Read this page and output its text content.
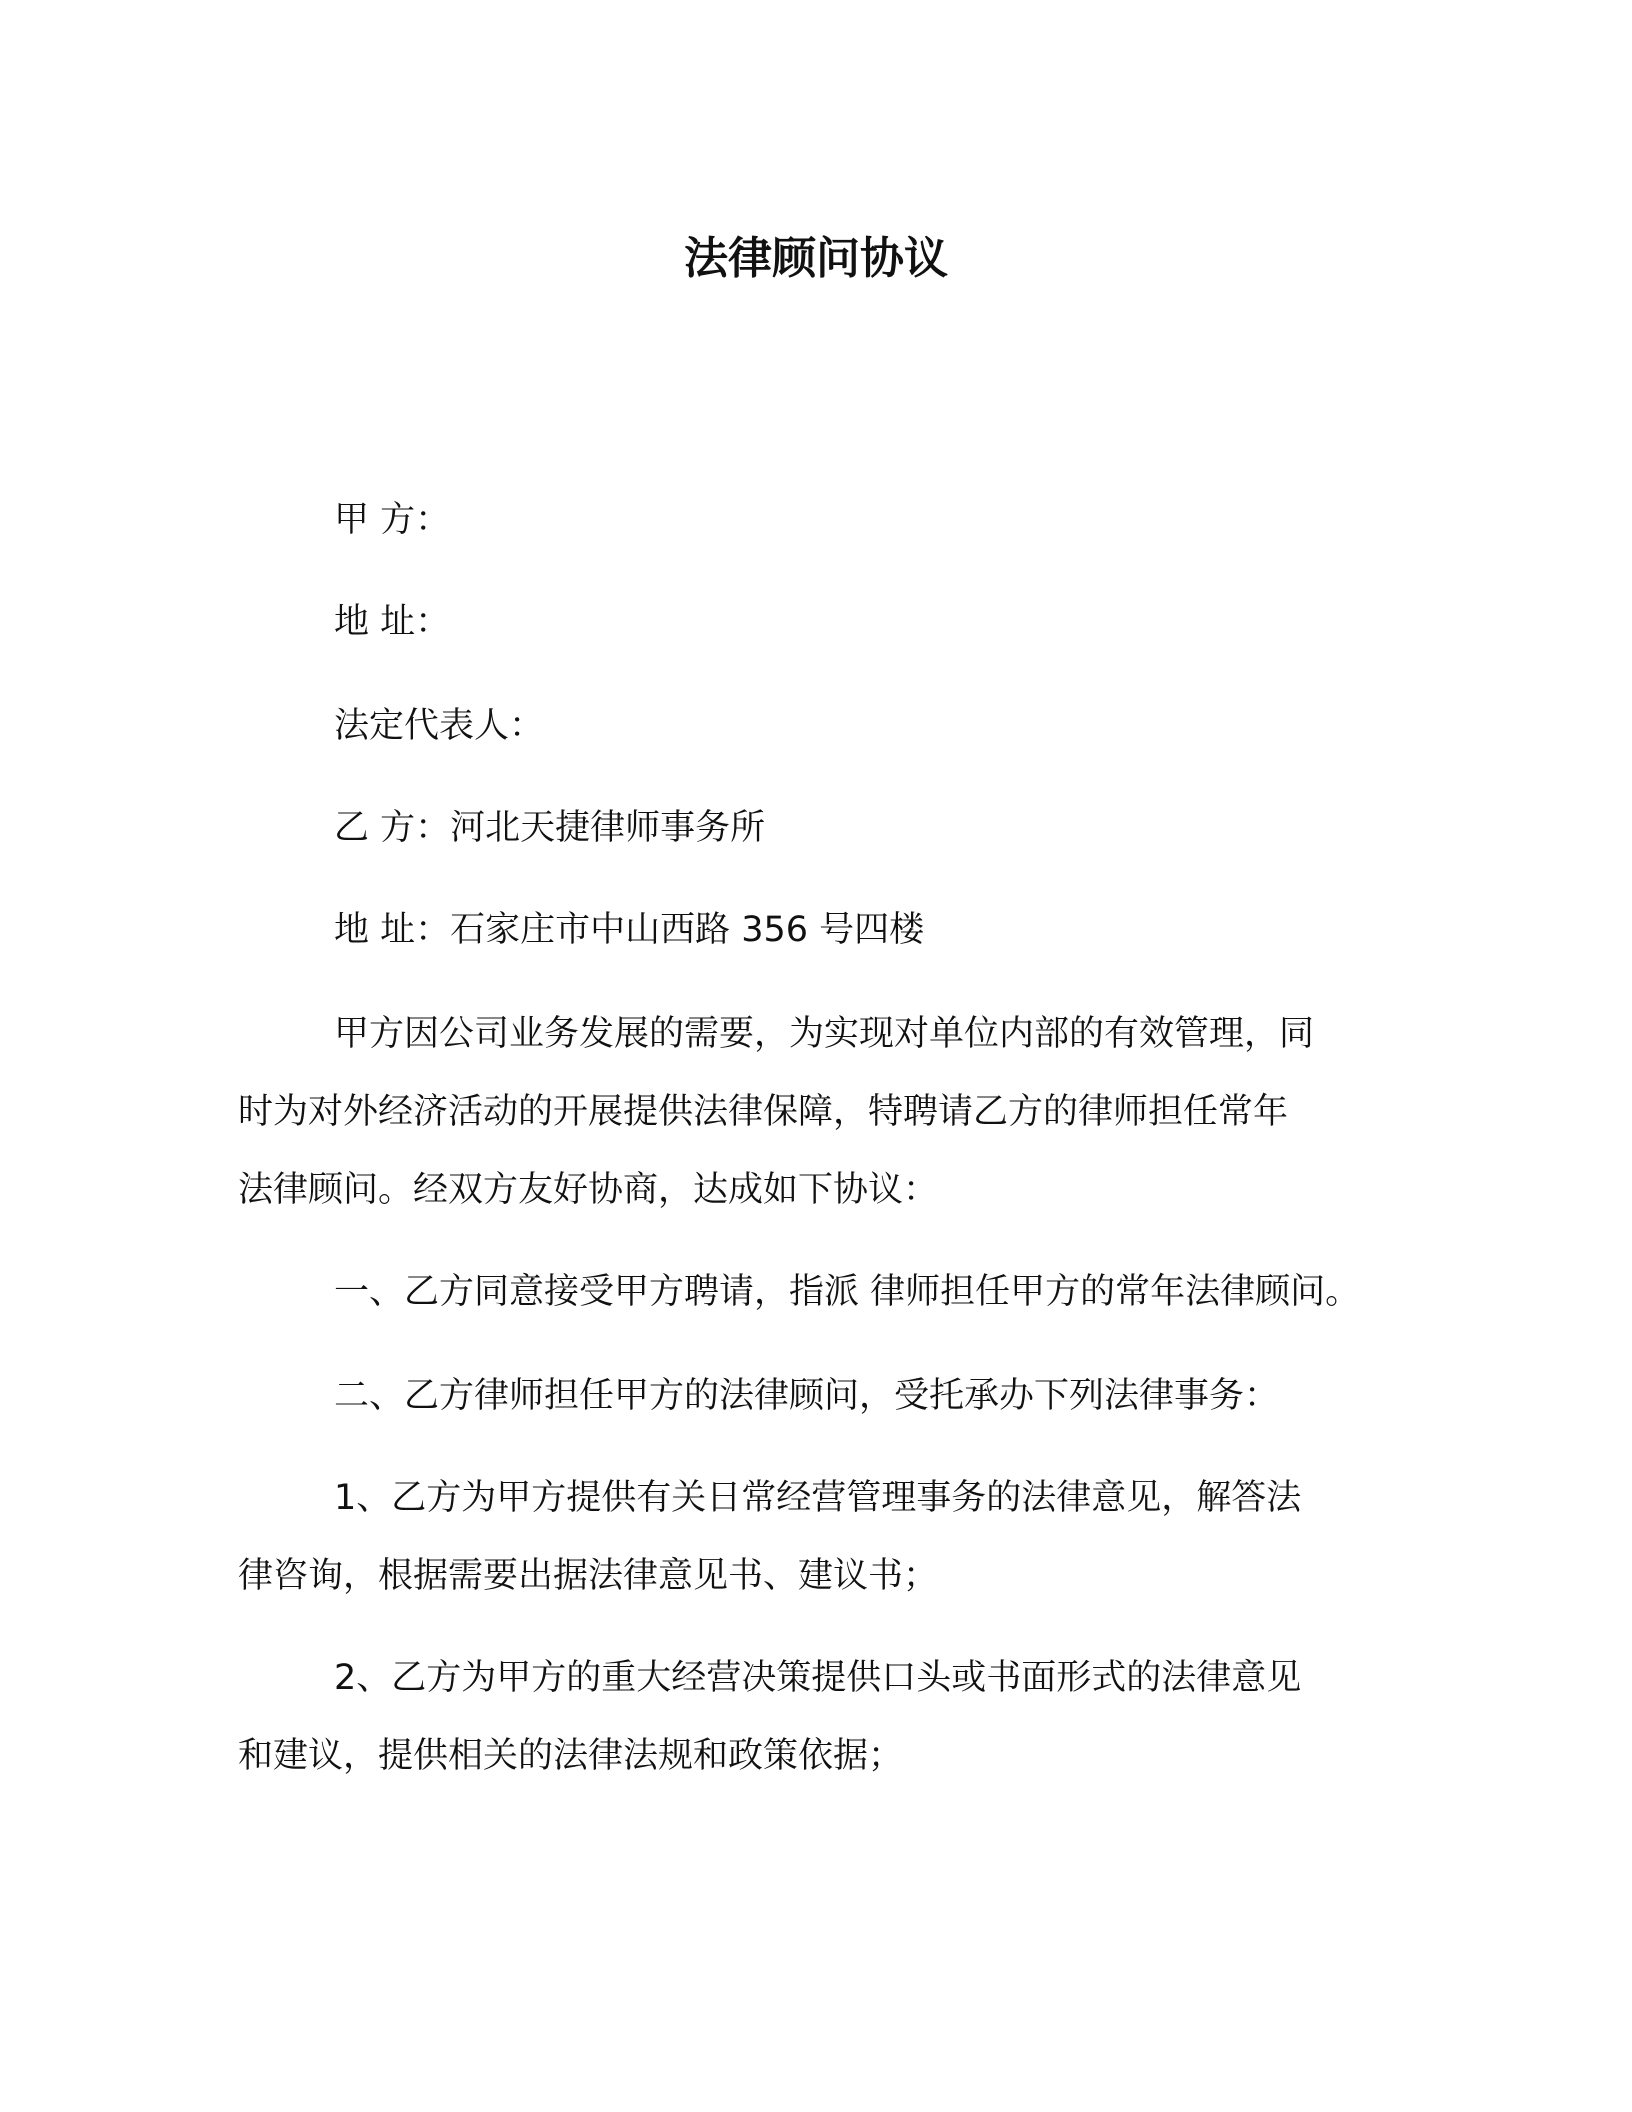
法律顾问协议
甲 方：
地 址：
法定代表人：
乙 方：河北天捷律师事务所
地 址：石家庄市中山西路 356 号四楼
甲方因公司业务发展的需要，为实现对单位内部的有效管理，同
时为对外经济活动的开展提供法律保障，特聘请乙方的律师担任常年
法律顾问。经双方友好协商，达成如下协议：
一、乙方同意接受甲方聘请，指派 律师担任甲方的常年法律顾问。
二、乙方律师担任甲方的法律顾问，受托承办下列法律事务：
1、乙方为甲方提供有关日常经营管理事务的法律意见，解答法
律咨询，根据需要出据法律意见书、建议书；
2、乙方为甲方的重大经营决策提供口头或书面形式的法律意见
和建议，提供相关的法律法规和政策依据；
